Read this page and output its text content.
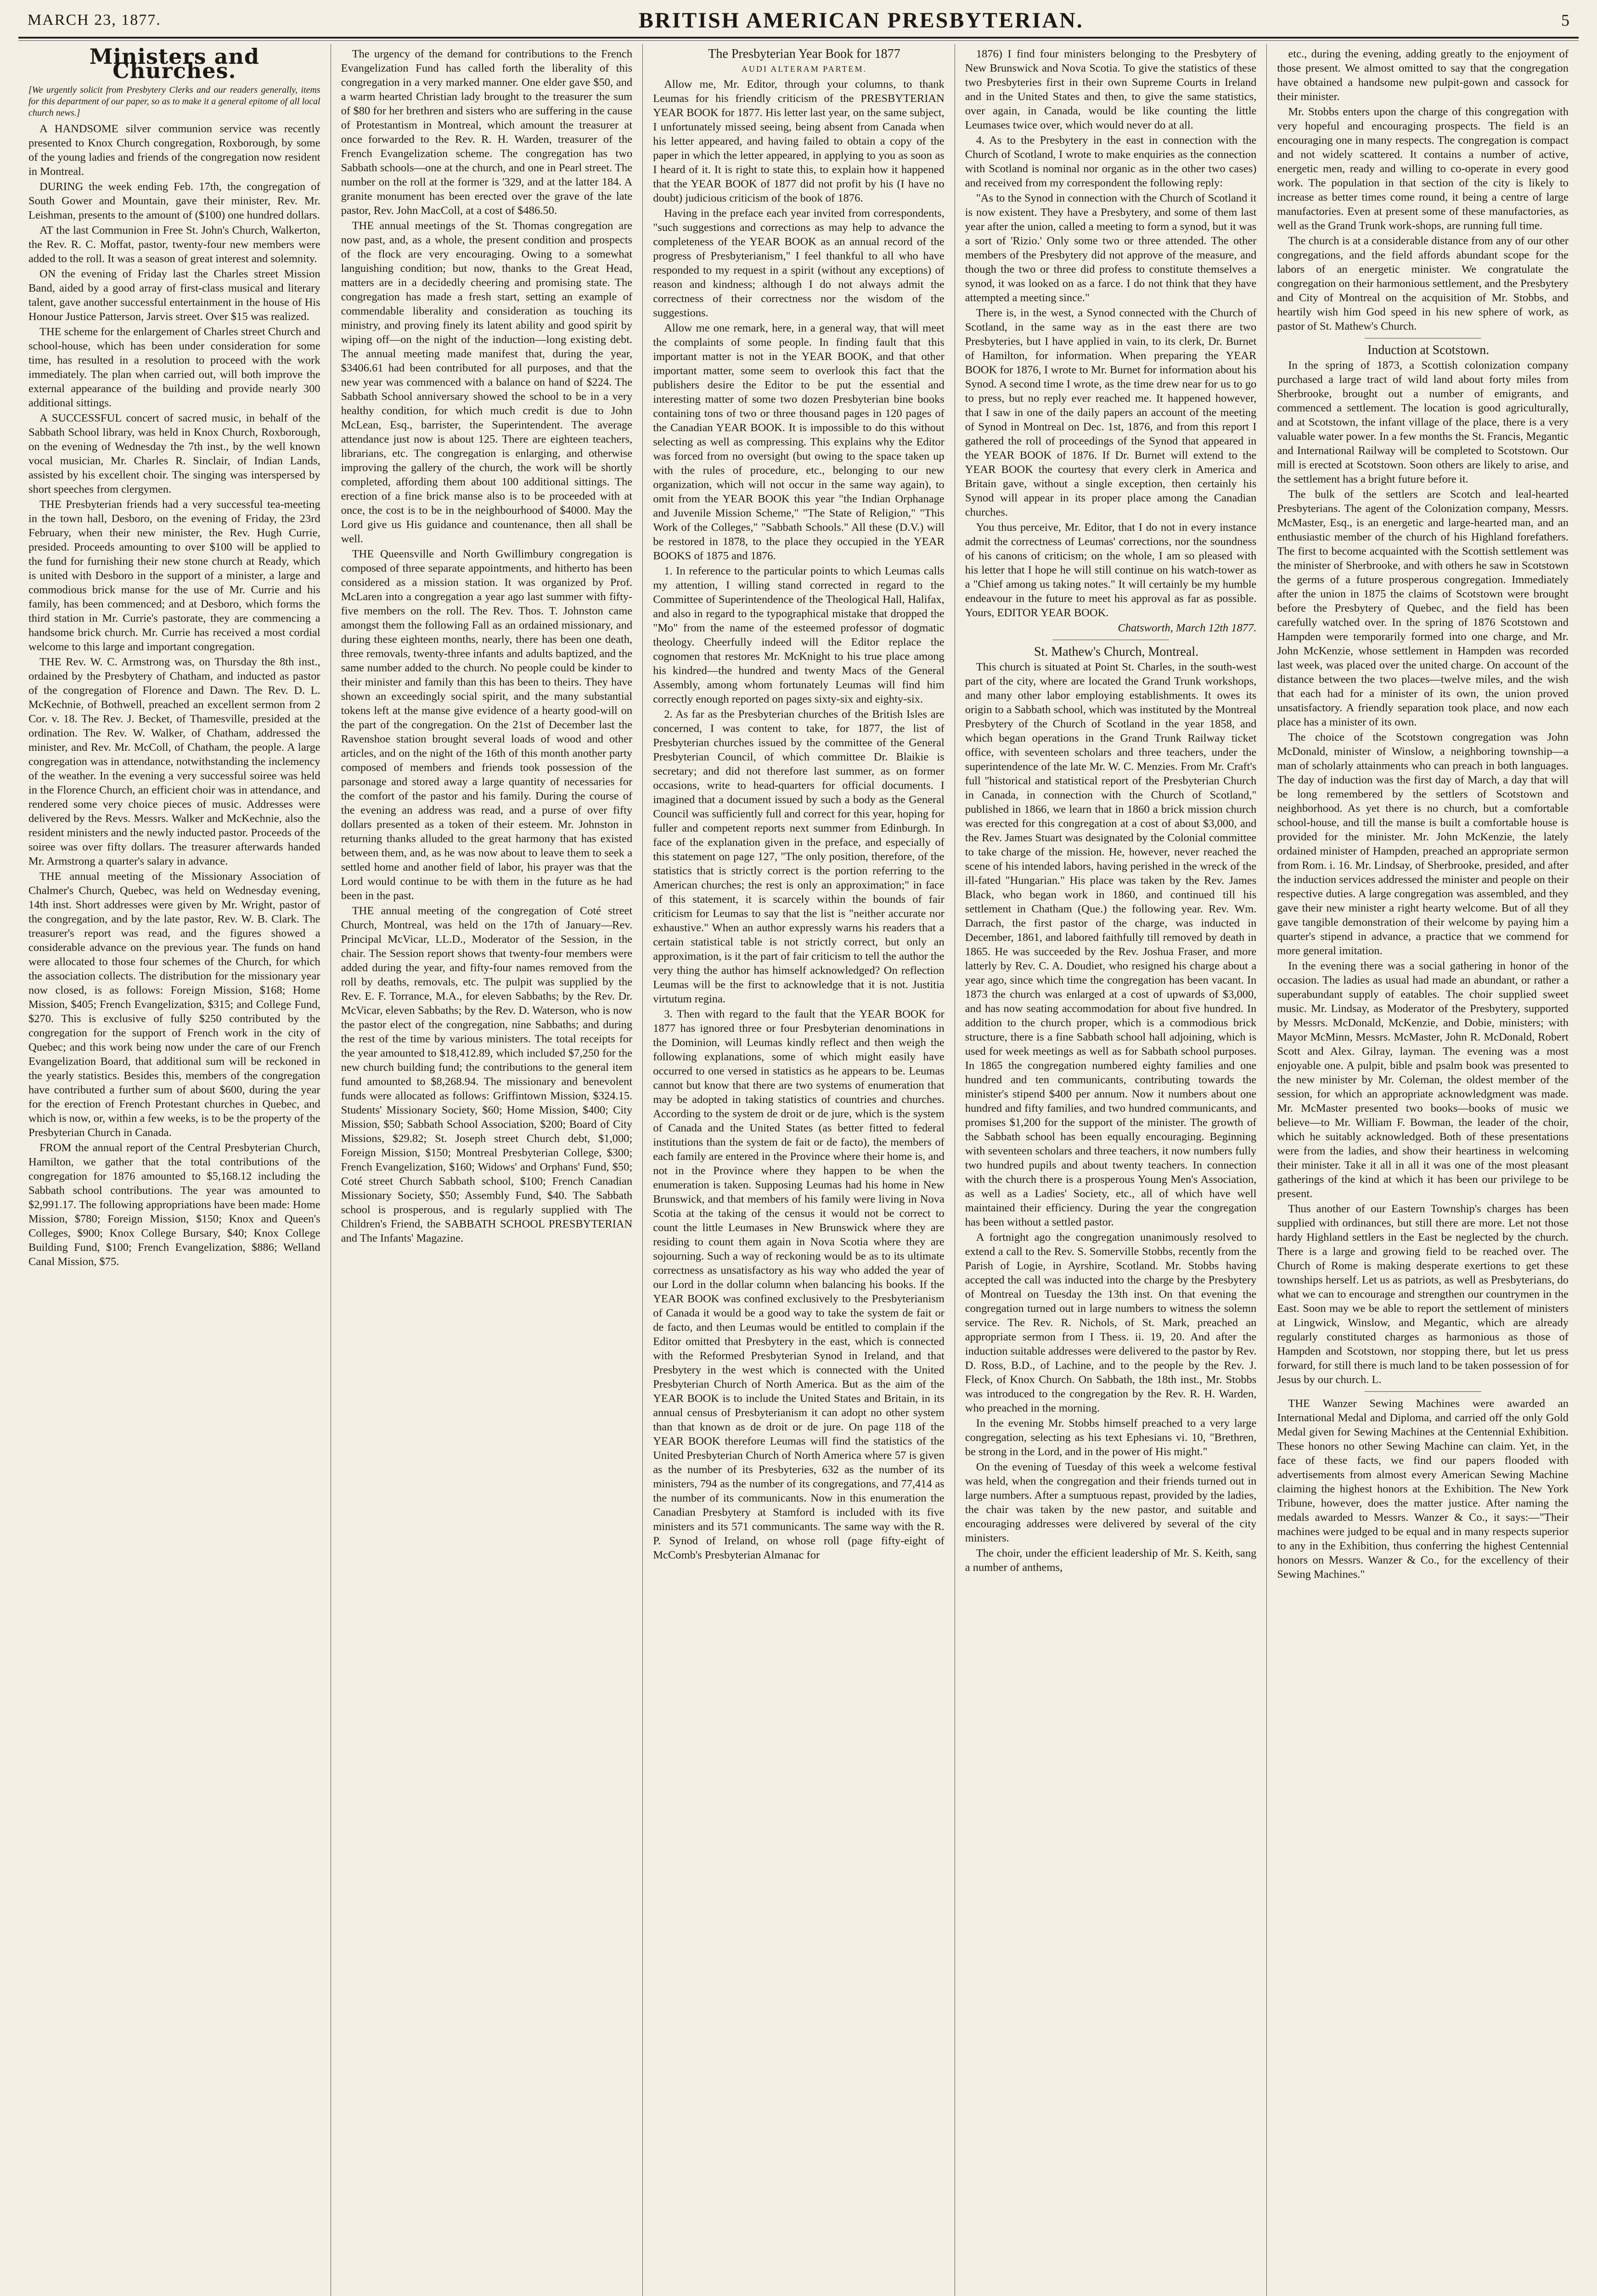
MARCH 23, 1877.	BRITISH AMERICAN PRESBYTERIAN.	5
Ministers and Churches.

[We urgently solicit from Presbytery Clerks and our readers generally, items for this department of our paper, so as to make it a general epitome of all local church news.]

A HANDSOME silver communion service was recently presented to Knox Church congregation, Roxborough, by some of the young ladies and friends of the congregation now resident in Montreal.

DURING the week ending Feb. 17th, the congregation of South Gower and Mountain, gave their minister, Rev. Mr. Leishman, presents to the amount of ($100) one hundred dollars.

AT the last Communion in Free St. John's Church, Walkerton, the Rev. R. C. Moffat, pastor, twenty-four new members were added to the roll. It was a season of great interest and solemnity.

ON the evening of Friday last the Charles street Mission Band, aided by a good array of first-class musical and literary talent, gave another successful entertainment in the house of His Honour Justice Patterson, Jarvis street. Over $15 was realized.

THE scheme for the enlargement of Charles street Church and school-house, which has been under consideration for some time, has resulted in a resolution to proceed with the work immediately. The plan when carried out, will both improve the external appearance of the building and provide nearly 300 additional sittings.

A SUCCESSFUL concert of sacred music, in behalf of the Sabbath School library, was held in Knox Church, Roxborough, on the evening of Wednesday the 7th inst., by the well known vocal musician, Mr. Charles R. Sinclair, of Indian Lands, assisted by his excellent choir. The singing was interspersed by short speeches from clergymen.

THE Presbyterian friends had a very successful tea-meeting in the town hall, Desboro, on the evening of Friday, the 23rd February, when their new minister, the Rev. Hugh Currie, presided. Proceeds amounting to over $100 will be applied to the fund for furnishing their new stone church at Ready, which is united with Desboro in the support of a minister, a large and commodious brick manse for the use of Mr. Currie and his family, has been commenced; and at Desboro, which forms the third station in Mr. Currie's pastorate, they are commencing a handsome brick church. Mr. Currie has received a most cordial welcome to this large and important congregation.

THE Rev. W. C. Armstrong was, on Thursday the 8th inst., ordained by the Presbytery of Chatham, and inducted as pastor of the congregation of Florence and Dawn. The Rev. D. L. McKechnie, of Bothwell, preached an excellent sermon from 2 Cor. v. 18. The Rev. J. Becket, of Thamesville, presided at the ordination. The Rev. W. Walker, of Chatham, addressed the minister, and Rev. Mr. McColl, of Chatham, the people. A large congregation was in attendance, notwithstanding the inclemency of the weather. In the evening a very successful soiree was held in the Florence Church, an efficient choir was in attendance, and rendered some very choice pieces of music. Addresses were delivered by the Revs. Messrs. Walker and McKechnie, also the resident ministers and the newly inducted pastor. Proceeds of the soiree was over fifty dollars. The treasurer afterwards handed Mr. Armstrong a quarter's salary in advance.

THE annual meeting of the Missionary Association of Chalmer's Church, Quebec, was held on Wednesday evening, 14th inst. Short addresses were given by Mr. Wright, pastor of the congregation, and by the late pastor, Rev. W. B. Clark. The treasurer's report was read, and the figures showed a considerable advance on the previous year. The funds on hand were allocated to those four schemes of the Church, for which the association collects. The distribution for the missionary year now closed, is as follows: Foreign Mission, $168; Home Mission, $405; French Evangelization, $315; and College Fund, $270. This is exclusive of fully $250 contributed by the congregation for the support of French work in the city of Quebec; and this work being now under the care of our French Evangelization Board, that additional sum will be reckoned in the yearly statistics. Besides this, members of the congregation have contributed a further sum of about $600, during the year for the erection of French Protestant churches in Quebec, and which is now, or, within a few weeks, is to be the property of the Presbyterian Church in Canada.

FROM the annual report of the Central Presbyterian Church, Hamilton, we gather that the total contributions of the congregation for 1876 amounted to $5,168.12 including the Sabbath school contributions. The year was amounted to $2,991.17. The following appropriations have been made: Home Mission, $780; Foreign Mission, $150; Knox and Queen's Colleges, $900; Knox College Bursary, $40; Knox College Building Fund, $100; French Evangelization, $886; Welland Canal Mission, $75.

The urgency of the demand for contributions to the French Evangelization Fund has called forth the liberality of this congregation in a very marked manner. One elder gave $50, and a warm hearted Christian lady brought to the treasurer the sum of $80 for her brethren and sisters who are suffering in the cause of Protestantism in Montreal, which amount the treasurer at once forwarded to the Rev. R. H. Warden, treasurer of the French Evangelization scheme. The congregation has two Sabbath schools—one at the church, and one in Pearl street. The number on the roll at the former is '329, and at the latter 184. A granite monument has been erected over the grave of the late pastor, Rev. John MacColl, at a cost of $486.50.

THE annual meetings of the St. Thomas congregation are now past, and, as a whole, the present condition and prospects of the flock are very encouraging. Owing to a somewhat languishing condition; but now, thanks to the Great Head, matters are in a decidedly cheering and promising state. The congregation has made a fresh start, setting an example of commendable liberality and consideration as touching its ministry, and proving finely its latent ability and good spirit by wiping off—on the night of the induction—long existing debt. The annual meeting made manifest that, during the year, $3406.61 had been contributed for all purposes, and that the new year was commenced with a balance on hand of $224. The Sabbath School anniversary showed the school to be in a very healthy condition, for which much credit is due to John McLean, Esq., barrister, the Superintendent. The average attendance just now is about 125. There are eighteen teachers, librarians, etc. The congregation is enlarging, and otherwise improving the gallery of the church, the work will be shortly completed, affording them about 100 additional sittings. The erection of a fine brick manse also is to be proceeded with at once, the cost is to be in the neighbourhood of $4000. May the Lord give us His guidance and countenance, then all shall be well.

THE Queensville and North Gwillimbury congregation is composed of three separate appointments, and hitherto has been considered as a mission station. It was organized by Prof. McLaren into a congregation a year ago last summer with fifty-five members on the roll. The Rev. Thos. T. Johnston came amongst them the following Fall as an ordained missionary, and during these eighteen months, nearly, there has been one death, three removals, twenty-three infants and adults baptized, and the same number added to the church. No people could be kinder to their minister and family than this has been to theirs. They have shown an exceedingly social spirit, and the many substantial tokens left at the manse give evidence of a hearty good-will on the part of the congregation. On the 21st of December last the Ravenshoe station brought several loads of wood and other articles, and on the night of the 16th of this month another party composed of members and friends took possession of the parsonage and stored away a large quantity of necessaries for the comfort of the pastor and his family. During the course of the evening an address was read, and a purse of over fifty dollars presented as a token of their esteem. Mr. Johnston in returning thanks alluded to the great harmony that has existed between them, and, as he was now about to leave them to seek a settled home and another field of labor, his prayer was that the Lord would continue to be with them in the future as he had been in the past.

THE annual meeting of the congregation of Coté street Church, Montreal, was held on the 17th of January—Rev. Principal McVicar, LL.D., Moderator of the Session, in the chair. The Session report shows that twenty-four members were added during the year, and fifty-four names removed from the roll by deaths, removals, etc. The pulpit was supplied by the Rev. E. F. Torrance, M.A., for eleven Sabbaths; by the Rev. Dr. McVicar, eleven Sabbaths; by the Rev. D. Waterson, who is now the pastor elect of the congregation, nine Sabbaths; and during the rest of the time by various ministers. The total receipts for the year amounted to $18,412.89, which included $7,250 for the new church building fund; the contributions to the general item fund amounted to $8,268.94. The missionary and benevolent funds were allocated as follows: Griffintown Mission, $324.15. Students' Missionary Society, $60; Home Mission, $400; City Mission, $50; Sabbath School Association, $200; Board of City Missions, $29.82; St. Joseph street Church debt, $1,000; Foreign Mission, $150; Montreal Presbyterian College, $300; French Evangelization, $160; Widows' and Orphans' Fund, $50; Coté street Church Sabbath school, $100; French Canadian Missionary Society, $50; Assembly Fund, $40. The Sabbath school is prosperous, and is regularly supplied with The Children's Friend, the SABBATH SCHOOL PRESBYTERIAN and The Infants' Magazine.

The Presbyterian Year Book for 1877

AUDI ALTERAM PARTEM.

Allow me, Mr. Editor, through your columns, to thank Leumas for his friendly criticism of the PRESBYTERIAN YEAR BOOK for 1877. His letter last year, on the same subject, I unfortunately missed seeing, being absent from Canada when his letter appeared, and having failed to obtain a copy of the paper in which the letter appeared, in applying to you as soon as I heard of it. It is right to state this, to explain how it happened that the YEAR BOOK of 1877 did not profit by his (I have no doubt) judicious criticism of the book of 1876.

Having in the preface each year invited from correspondents, "such suggestions and corrections as may help to advance the completeness of the YEAR BOOK as an annual record of the progress of Presbyterianism," I feel thankful to all who have responded to my request in a spirit (without any exceptions) of reason and kindness; although I do not always admit the correctness of their correctness nor the wisdom of the suggestions.

Allow me one remark, here, in a general way, that will meet the complaints of some people. In finding fault that this important matter is not in the YEAR BOOK, and that other important matter, some seem to overlook this fact that the publishers desire the Editor to be put the essential and interesting matter of some two dozen Presbyterian bine books containing tons of two or three thousand pages in 120 pages of the Canadian YEAR BOOK. It is impossible to do this without selecting as well as compressing. This explains why the Editor was forced from no oversight (but owing to the space taken up with the rules of procedure, etc., belonging to our new organization, which will not occur in the same way again), to omit from the YEAR BOOK this year "the Indian Orphanage and Juvenile Mission Scheme," "The State of Religion," "This Work of the Colleges," "Sabbath Schools." All these (D.V.) will be restored in 1878, to the place they occupied in the YEAR BOOKS of 1875 and 1876.

1. In reference to the particular points to which Leumas calls my attention, I willing stand corrected in regard to the Committee of Superintendence of the Theological Hall, Halifax, and also in regard to the typographical mistake that dropped the "Mo" from the name of the esteemed professor of dogmatic theology. Cheerfully indeed will the Editor replace the cognomen that restores Mr. McKnight to his true place among his kindred—the hundred and twenty Macs of the General Assembly, among whom fortunately Leumas will find him correctly enough reported on pages sixty-six and eighty-six.

2. As far as the Presbyterian churches of the British Isles are concerned, I was content to take, for 1877, the list of Presbyterian churches issued by the committee of the General Presbyterian Council, of which committee Dr. Blaikie is secretary; and did not therefore last summer, as on former occasions, write to head-quarters for official documents. I imagined that a document issued by such a body as the General Council was sufficiently full and correct for this year, hoping for fuller and competent reports next summer from Edinburgh. In face of the explanation given in the preface, and especially of this statement on page 127, "The only position, therefore, of the statistics that is strictly correct is the portion referring to the American churches; the rest is only an approximation;" in face of this statement, it is scarcely within the bounds of fair criticism for Leumas to say that the list is "neither accurate nor exhaustive." When an author expressly warns his readers that a certain statistical table is not strictly correct, but only an approximation, is it the part of fair criticism to tell the author the very thing the author has himself acknowledged? On reflection Leumas will be the first to acknowledge that it is not. Justitia virtutum regina.

3. Then with regard to the fault that the YEAR BOOK for 1877 has ignored three or four Presbyterian denominations in the Dominion, will Leumas kindly reflect and then weigh the following explanations, some of which might easily have occurred to one versed in statistics as he appears to be. Leumas cannot but know that there are two systems of enumeration that may be adopted in taking statistics of countries and churches. According to the system de droit or de jure, which is the system of Canada and the United States (as better fitted to federal institutions than the system de fait or de facto), the members of each family are entered in the Province where their home is, and not in the Province where they happen to be when the enumeration is taken. Supposing Leumas had his home in New Brunswick, and that members of his family were living in Nova Scotia at the taking of the census it would not be correct to count the little Leumases in New Brunswick where they are residing to count them again in Nova Scotia where they are sojourning. Such a way of reckoning would be as to its ultimate correctness as unsatisfactory as his way who added the year of our Lord in the dollar column when balancing his books. If the YEAR BOOK was confined exclusively to the Presbyterianism of Canada it would be a good way to take the system de fait or de facto, and then Leumas would be entitled to complain if the Editor omitted that Presbytery in the east, which is connected with the Reformed Presbyterian Synod in Ireland, and that Presbytery in the west which is connected with the United Presbyterian Church of North America. But as the aim of the YEAR BOOK is to include the United States and Britain, in its annual census of Presbyterianism it can adopt no other system than that known as de droit or de jure. On page 118 of the YEAR BOOK therefore Leumas will find the statistics of the United Presbyterian Church of North America where 57 is given as the number of its Presbyteries, 632 as the number of its ministers, 794 as the number of its congregations, and 77,414 as the number of its communicants. Now in this enumeration the Canadian Presbytery at Stamford is included with its five ministers and its 571 communicants. The same way with the R. P. Synod of Ireland, on whose roll (page fifty-eight of McComb's Presbyterian Almanac for

1876) I find four ministers belonging to the Presbytery of New Brunswick and Nova Scotia. To give the statistics of these two Presbyteries first in their own Supreme Courts in Ireland and in the United States and then, to give the same statistics, over again, in Canada, would be like counting the little Leumases twice over, which would never do at all.

4. As to the Presbytery in the east in connection with the Church of Scotland, I wrote to make enquiries as the connection with Scotland is nominal nor organic as in the other two cases) and received from my correspondent the following reply:

"As to the Synod in connection with the Church of Scotland it is now existent. They have a Presbytery, and some of them last year after the union, called a meeting to form a synod, but it was a sort of 'Rizio.' Only some two or three attended. The other members of the Presbytery did not approve of the measure, and though the two or three did profess to constitute themselves a synod, it was looked on as a farce. I do not think that they have attempted a meeting since."

There is, in the west, a Synod connected with the Church of Scotland, in the same way as in the east there are two Presbyteries, but I have applied in vain, to its clerk, Dr. Burnet of Hamilton, for information. When preparing the YEAR BOOK for 1876, I wrote to Mr. Burnet for information about his Synod. A second time I wrote, as the time drew near for us to go to press, but no reply ever reached me. It happened however, that I saw in one of the daily papers an account of the meeting of Synod in Montreal on Dec. 1st, 1876, and from this report I gathered the roll of proceedings of the Synod that appeared in the YEAR BOOK of 1876. If Dr. Burnet will extend to the YEAR BOOK the courtesy that every clerk in America and Britain gave, without a single exception, then certainly his Synod will appear in its proper place among the Canadian churches.

You thus perceive, Mr. Editor, that I do not in every instance admit the correctness of Leumas' corrections, nor the soundness of his canons of criticism; on the whole, I am so pleased with his letter that I hope he will still continue on his watch-tower as a "Chief among us taking notes." It will certainly be my humble endeavour in the future to meet his approval as far as possible. Yours, EDITOR YEAR BOOK.

Chatsworth, March 12th 1877.

St. Mathew's Church, Montreal.

This church is situated at Point St. Charles, in the south-west part of the city, where are located the Grand Trunk workshops, and many other labor employing establishments. It owes its origin to a Sabbath school, which was instituted by the Montreal Presbytery of the Church of Scotland in the year 1858, and which began operations in the Grand Trunk Railway ticket office, with seventeen scholars and three teachers, under the superintendence of the late Mr. W. C. Menzies. From Mr. Craft's full "historical and statistical report of the Presbyterian Church in Canada, in connection with the Church of Scotland," published in 1866, we learn that in 1860 a brick mission church was erected for this congregation at a cost of about $3,000, and the Rev. James Stuart was designated by the Colonial committee to take charge of the mission. He, however, never reached the scene of his intended labors, having perished in the wreck of the ill-fated "Hungarian." His place was taken by the Rev. James Black, who began work in 1860, and continued till his settlement in Chatham (Que.) the following year. Rev. Wm. Darrach, the first pastor of the charge, was inducted in December, 1861, and labored faithfully till removed by death in 1865. He was succeeded by the Rev. Joshua Fraser, and more latterly by Rev. C. A. Doudiet, who resigned his charge about a year ago, since which time the congregation has been vacant. In 1873 the church was enlarged at a cost of upwards of $3,000, and has now seating accommodation for about five hundred. In addition to the church proper, which is a commodious brick structure, there is a fine Sabbath school hall adjoining, which is used for week meetings as well as for Sabbath school purposes. In 1865 the congregation numbered eighty families and one hundred and ten communicants, contributing towards the minister's stipend $400 per annum. Now it numbers about one hundred and fifty families, and two hundred communicants, and promises $1,200 for the support of the minister. The growth of the Sabbath school has been equally encouraging. Beginning with seventeen scholars and three teachers, it now numbers fully two hundred pupils and about twenty teachers. In connection with the church there is a prosperous Young Men's Association, as well as a Ladies' Society, etc., all of which have well maintained their efficiency. During the year the congregation has been without a settled pastor.

A fortnight ago the congregation unanimously resolved to extend a call to the Rev. S. Somerville Stobbs, recently from the Parish of Logie, in Ayrshire, Scotland. Mr. Stobbs having accepted the call was inducted into the charge by the Presbytery of Montreal on Tuesday the 13th inst. On that evening the congregation turned out in large numbers to witness the solemn service. The Rev. R. Nichols, of St. Mark, preached an appropriate sermon from I Thess. ii. 19, 20. And after the induction suitable addresses were delivered to the pastor by Rev. D. Ross, B.D., of Lachine, and to the people by the Rev. J. Fleck, of Knox Church. On Sabbath, the 18th inst., Mr. Stobbs was introduced to the congregation by the Rev. R. H. Warden, who preached in the morning.

In the evening Mr. Stobbs himself preached to a very large congregation, selecting as his text Ephesians vi. 10, "Brethren, be strong in the Lord, and in the power of His might."

On the evening of Tuesday of this week a welcome festival was held, when the congregation and their friends turned out in large numbers. After a sumptuous repast, provided by the ladies, the chair was taken by the new pastor, and suitable and encouraging addresses were delivered by several of the city ministers.

The choir, under the efficient leadership of Mr. S. Keith, sang a number of anthems,

etc., during the evening, adding greatly to the enjoyment of those present. We almost omitted to say that the congregation have obtained a handsome new pulpit-gown and cassock for their minister.

Mr. Stobbs enters upon the charge of this congregation with very hopeful and encouraging prospects. The field is an encouraging one in many respects. The congregation is compact and not widely scattered. It contains a number of active, energetic men, ready and willing to co-operate in every good work. The population in that section of the city is likely to increase as better times come round, it being a centre of large manufactories. Even at present some of these manufactories, as well as the Grand Trunk work-shops, are running full time.

The church is at a considerable distance from any of our other congregations, and the field affords abundant scope for the labors of an energetic minister. We congratulate the congregation on their harmonious settlement, and the Presbytery and City of Montreal on the acquisition of Mr. Stobbs, and heartily wish him God speed in his new sphere of work, as pastor of St. Mathew's Church.

Induction at Scotstown.

In the spring of 1873, a Scottish colonization company purchased a large tract of wild land about forty miles from Sherbrooke, brought out a number of emigrants, and commenced a settlement. The location is good agriculturally, and at Scotstown, the infant village of the place, there is a very valuable water power. In a few months the St. Francis, Megantic and International Railway will be completed to Scotstown. Our mill is erected at Scotstown. Soon others are likely to arise, and the settlement has a bright future before it.

The bulk of the settlers are Scotch and leal-hearted Presbyterians. The agent of the Colonization company, Messrs. McMaster, Esq., is an energetic and large-hearted man, and an enthusiastic member of the church of his Highland forefathers. The first to become acquainted with the Scottish settlement was the minister of Sherbrooke, and with others he saw in Scotstown the germs of a future prosperous congregation. Immediately after the union in 1875 the claims of Scotstown were brought before the Presbytery of Quebec, and the field has been carefully watched over. In the spring of 1876 Scotstown and Hampden were temporarily formed into one charge, and Mr. John McKenzie, whose settlement in Hampden was recorded last week, was placed over the united charge. On account of the distance between the two places—twelve miles, and the wish that each had for a minister of its own, the union proved unsatisfactory. A friendly separation took place, and now each place has a minister of its own.

The choice of the Scotstown congregation was John McDonald, minister of Winslow, a neighboring township—a man of scholarly attainments who can preach in both languages. The day of induction was the first day of March, a day that will be long remembered by the settlers of Scotstown and neighborhood. As yet there is no church, but a comfortable school-house, and till the manse is built a comfortable house is provided for the minister. Mr. John McKenzie, the lately ordained minister of Hampden, preached an appropriate sermon from Rom. i. 16. Mr. Lindsay, of Sherbrooke, presided, and after the induction services addressed the minister and people on their respective duties. A large congregation was assembled, and they gave their new minister a right hearty welcome. But of all they gave tangible demonstration of their welcome by paying him a quarter's stipend in advance, a practice that we commend for more general imitation.

In the evening there was a social gathering in honor of the occasion. The ladies as usual had made an abundant, or rather a superabundant supply of eatables. The choir supplied sweet music. Mr. Lindsay, as Moderator of the Presbytery, supported by Messrs. McDonald, McKenzie, and Dobie, ministers; with Mayor McMinn, Messrs. McMaster, John R. McDonald, Robert Scott and Alex. Gilray, layman. The evening was a most enjoyable one. A pulpit, bible and psalm book was presented to the new minister by Mr. Coleman, the oldest member of the session, for which an appropriate acknowledgment was made. Mr. McMaster presented two books—books of music we believe—to Mr. William F. Bowman, the leader of the choir, which he suitably acknowledged. Both of these presentations were from the ladies, and show their heartiness in welcoming their minister. Take it all in all it was one of the most pleasant gatherings of the kind at which it has been our privilege to be present.

Thus another of our Eastern Township's charges has been supplied with ordinances, but still there are more. Let not those hardy Highland settlers in the East be neglected by the church. There is a large and growing field to be reached over. The Church of Rome is making desperate exertions to get these townships herself. Let us as patriots, as well as Presbyterians, do what we can to encourage and strengthen our countrymen in the East. Soon may we be able to report the settlement of ministers at Lingwick, Winslow, and Megantic, which are already regularly constituted charges as harmonious as those of Hampden and Scotstown, nor stopping there, but let us press forward, for still there is much land to be taken possession of for Jesus by our church. L.

THE Wanzer Sewing Machines were awarded an International Medal and Diploma, and carried off the only Gold Medal given for Sewing Machines at the Centennial Exhibition. These honors no other Sewing Machine can claim. Yet, in the face of these facts, we find our papers flooded with advertisements from almost every American Sewing Machine claiming the highest honors at the Exhibition. The New York Tribune, however, does the matter justice. After naming the medals awarded to Messrs. Wanzer & Co., it says:—"Their machines were judged to be equal and in many respects superior to any in the Exhibition, thus conferring the highest Centennial honors on Messrs. Wanzer & Co., for the excellency of their Sewing Machines."
